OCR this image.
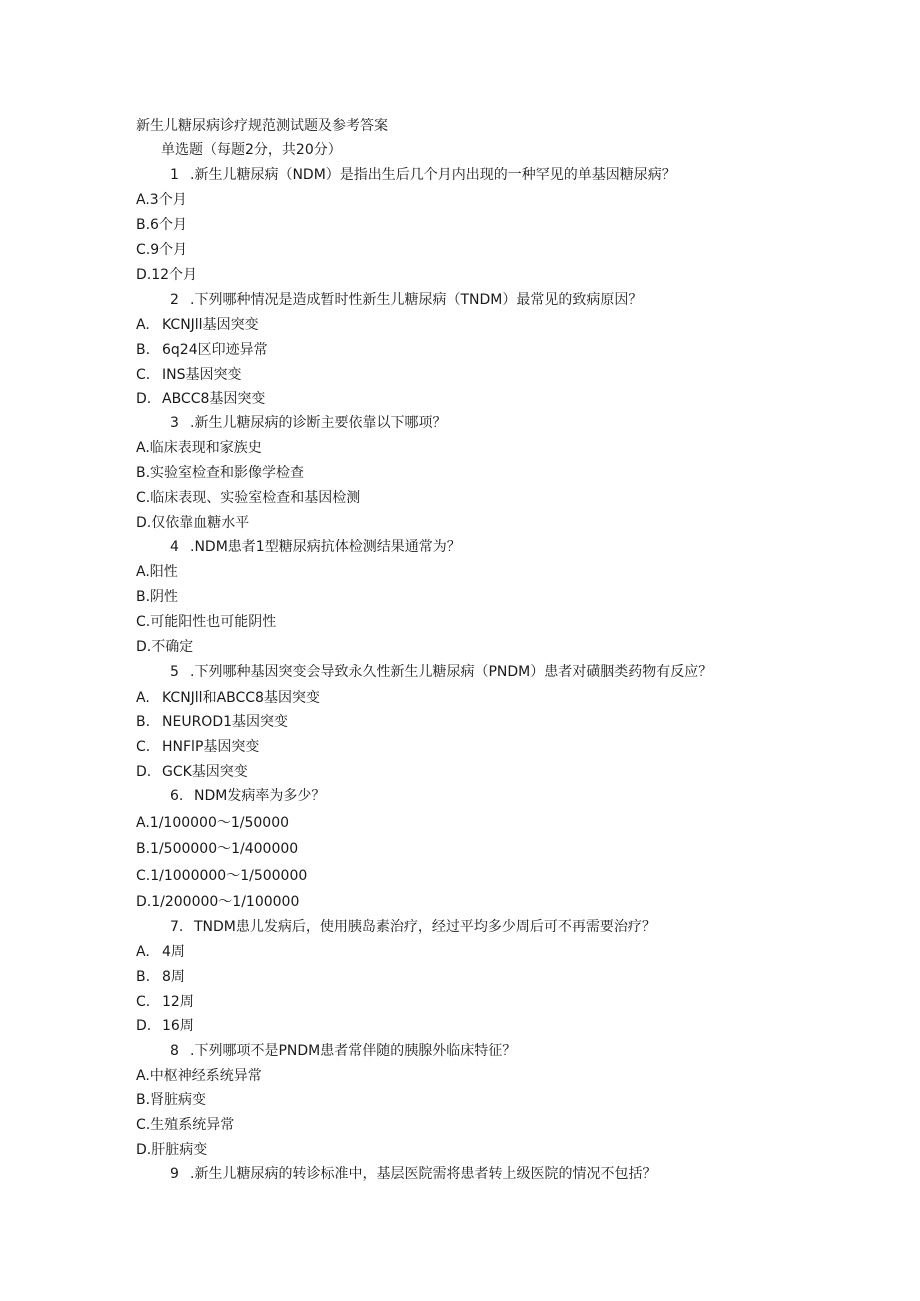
新生儿糖尿病诊疗规范测试题及参考答案
单选题（每题2分，共20分）
1 .新生儿糖尿病（NDM）是指出生后几个月内出现的一种罕见的单基因糖尿病？
A.3个月
B.6个月
C.9个月
D.12个月
2 .下列哪种情况是造成暂时性新生儿糖尿病（TNDM）最常见的致病原因？
A. KCNJll基因突变
B. 6q24区印迹异常
C. INS基因突变
D. ABCC8基因突变
3 .新生儿糖尿病的诊断主要依靠以下哪项？
A.临床表现和家族史
B.实验室检查和影像学检查
C.临床表现、实验室检查和基因检测
D.仅依靠血糖水平
4 .NDM患者1型糖尿病抗体检测结果通常为？
A.阳性
B.阴性
C.可能阳性也可能阴性
D.不确定
5 .下列哪种基因突变会导致永久性新生儿糖尿病（PNDM）患者对磺胭类药物有反应？
A. KCNJll和ABCC8基因突变
B. NEUROD1基因突变
C. HNFlP基因突变
D. GCK基因突变
6. NDM发病率为多少？
A.1/100000～1/50000
B.1/500000～1/400000
C.1/1000000～1/500000
D.1/200000～1/100000
7. TNDM患儿发病后，使用胰岛素治疗，经过平均多少周后可不再需要治疗？
A. 4周
B. 8周
C. 12周
D. 16周
8 .下列哪项不是PNDM患者常伴随的胰腺外临床特征？
A.中枢神经系统异常
B.肾脏病变
C.生殖系统异常
D.肝脏病变
9 .新生儿糖尿病的转诊标准中，基层医院需将患者转上级医院的情况不包括？
